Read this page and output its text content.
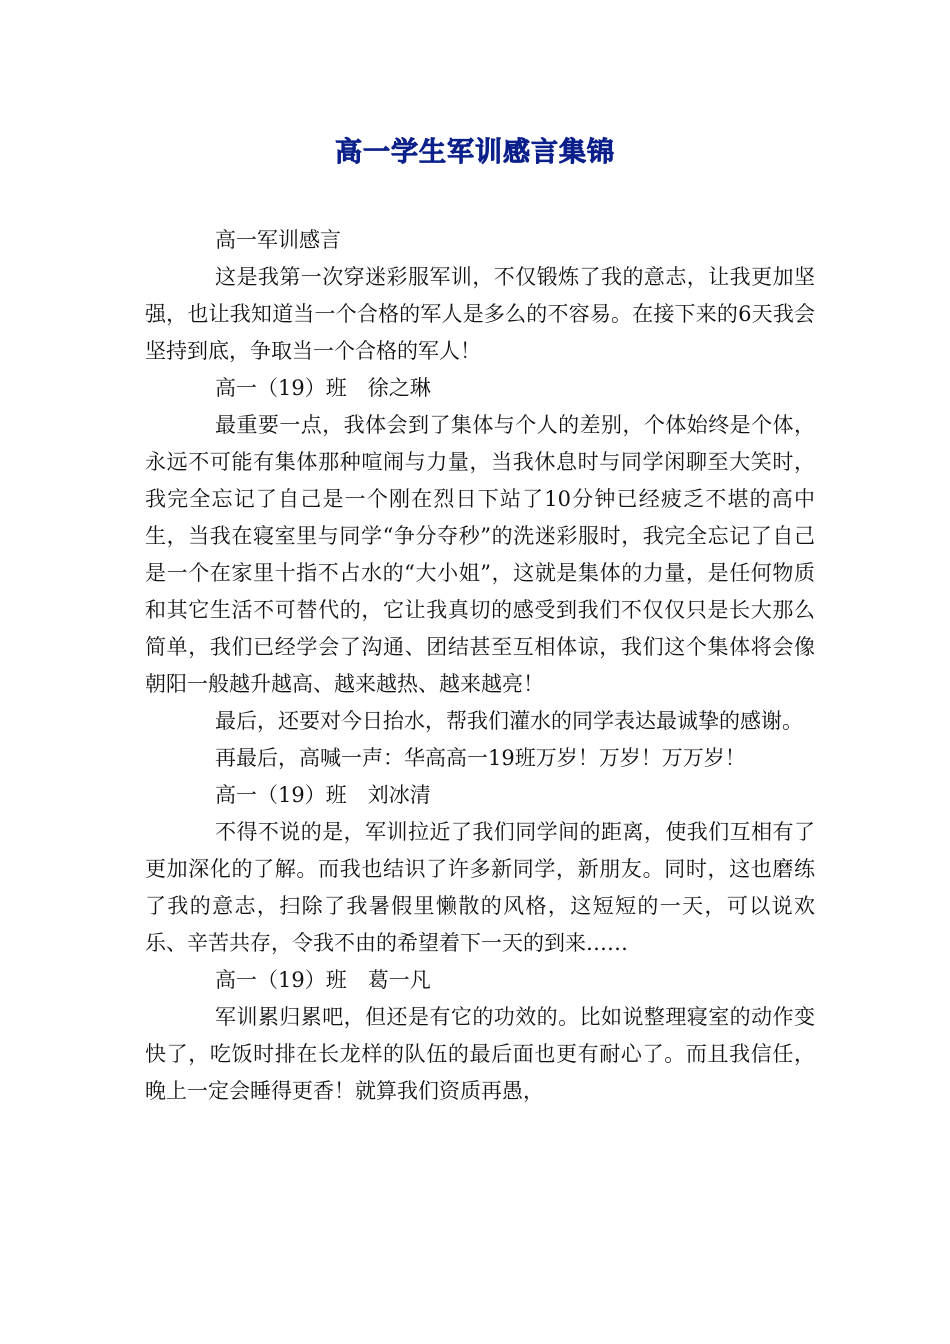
高一学生军训感言集锦

高一军训感言

这是我第一次穿迷彩服军训，不仅锻炼了我的意志，让我更加坚强，也让我知道当一个合格的军人是多么的不容易。在接下来的6天我会坚持到底，争取当一个合格的军人！

高一（19）班　徐之琳

最重要一点，我体会到了集体与个人的差别，个体始终是个体，永远不可能有集体那种喧闹与力量，当我休息时与同学闲聊至大笑时，我完全忘记了自己是一个刚在烈日下站了10分钟已经疲乏不堪的高中生，当我在寝室里与同学“争分夺秒”的洗迷彩服时，我完全忘记了自己是一个在家里十指不占水的“大小姐”，这就是集体的力量，是任何物质和其它生活不可替代的，它让我真切的感受到我们不仅仅只是长大那么简单，我们已经学会了沟通、团结甚至互相体谅，我们这个集体将会像朝阳一般越升越高、越来越热、越来越亮！

最后，还要对今日抬水，帮我们灌水的同学表达最诚挚的感谢。

再最后，高喊一声：华高高一19班万岁！万岁！万万岁！

高一（19）班　刘冰清

不得不说的是，军训拉近了我们同学间的距离，使我们互相有了更加深化的了解。而我也结识了许多新同学，新朋友。同时，这也磨练了我的意志，扫除了我暑假里懒散的风格，这短短的一天，可以说欢乐、辛苦共存，令我不由的希望着下一天的到来……

高一（19）班　葛一凡

军训累归累吧，但还是有它的功效的。比如说整理寝室的动作变快了，吃饭时排在长龙样的队伍的最后面也更有耐心了。而且我信任，晚上一定会睡得更香！就算我们资质再愚，
